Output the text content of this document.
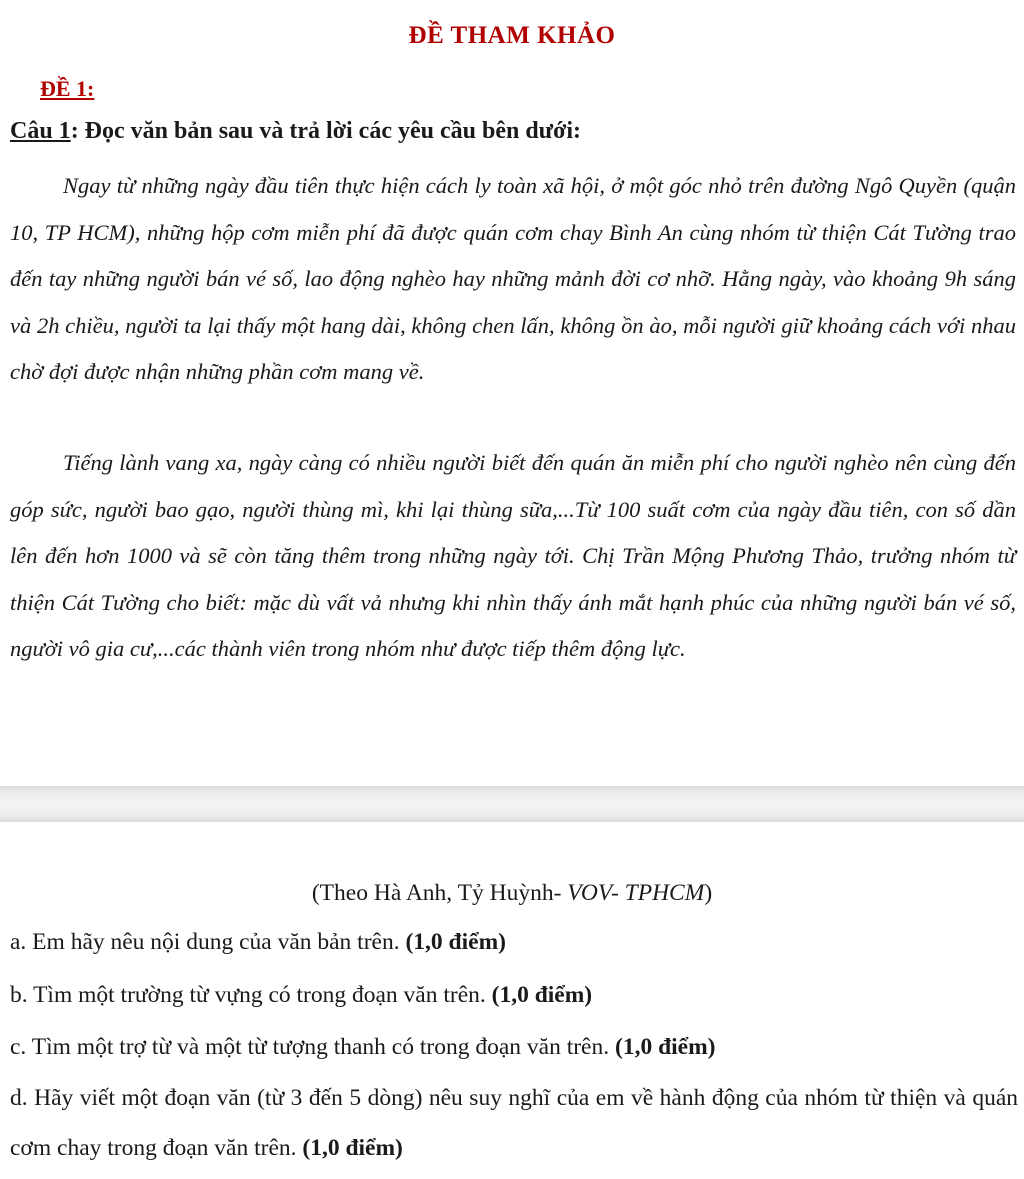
ĐỀ THAM KHẢO
ĐỀ 1:
Câu 1: Đọc văn bản sau và trả lời các yêu cầu bên dưới:

Ngay từ những ngày đầu tiên thực hiện cách ly toàn xã hội, ở một góc nhỏ trên đường Ngô Quyền (quận 10, TP HCM), những hộp cơm miễn phí đã được quán cơm chay Bình An cùng nhóm từ thiện Cát Tường trao đến tay những người bán vé số, lao động nghèo hay những mảnh đời cơ nhỡ. Hằng ngày, vào khoảng 9h sáng và 2h chiều, người ta lại thấy một hang dài, không chen lấn, không ồn ào, mỗi người giữ khoảng cách với nhau chờ đợi được nhận những phần cơm mang về.

Tiếng lành vang xa, ngày càng có nhiều người biết đến quán ăn miễn phí cho người nghèo nên cùng đến góp sức, người bao gạo, người thùng mì, khi lại thùng sữa,...Từ 100 suất cơm của ngày đầu tiên, con số dần lên đến hơn 1000 và sẽ còn tăng thêm trong những ngày tới. Chị Trần Mộng Phương Thảo, trưởng nhóm từ thiện Cát Tường cho biết: mặc dù vất vả nhưng khi nhìn thấy ánh mắt hạnh phúc của những người bán vé số, người vô gia cư,...các thành viên trong nhóm như được tiếp thêm động lực.

(Theo Hà Anh, Tỷ Huỳnh- VOV- TPHCM)

a. Em hãy nêu nội dung của văn bản trên. (1,0 điểm)

b. Tìm một trường từ vựng có trong đoạn văn trên. (1,0 điểm)

c. Tìm một trợ từ và một từ tượng thanh có trong đoạn văn trên. (1,0 điểm)

d. Hãy viết một đoạn văn (từ 3 đến 5 dòng) nêu suy nghĩ của em về hành động của nhóm từ thiện và quán cơm chay trong đoạn văn trên. (1,0 điểm)
